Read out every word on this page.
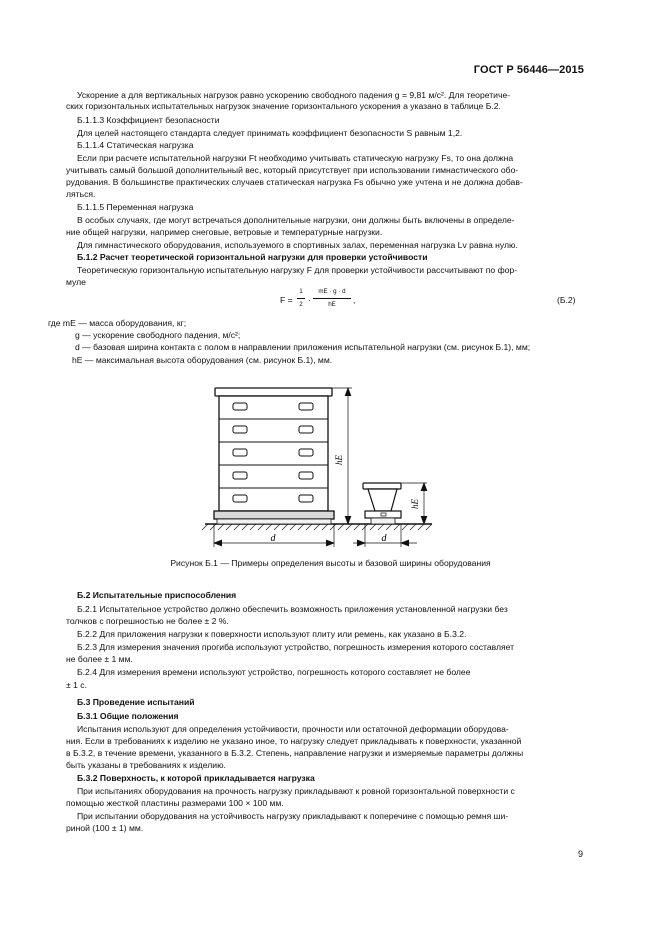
ГОСТ Р 56446—2015
Ускорение a для вертикальных нагрузок равно ускорению свободного падения g = 9,81 м/с². Для теоретиче-
ских горизонтальных испытательных нагрузок значение горизонтального ускорения a указано в таблице Б.2.
Б.1.1.3 Коэффициент безопасности
Для целей настоящего стандарта следует принимать коэффициент безопасности S равным 1,2.
Б.1.1.4 Статическая нагрузка
Если при расчете испытательной нагрузки Ft необходимо учитывать статическую нагрузку Fs, то она должна
учитывать самый большой дополнительный вес, который присутствует при использовании гимнастического обо-
рудования. В большинстве практических случаев статическая нагрузка Fs обычно уже учтена и не должна добав-
ляться.
Б.1.1.5 Переменная нагрузка
В особых случаях, где могут встречаться дополнительные нагрузки, они должны быть включены в определе-
ние общей нагрузки, например снеговые, ветровые и температурные нагрузки.
Для гимнастического оборудования, используемого в спортивных залах, переменная нагрузка Lv равна нулю.
Б.1.2 Расчет теоретической горизонтальной нагрузки для проверки устойчивости
Теоретическую горизонтальную испытательную нагрузку F для проверки устойчивости рассчитывают по фор-
муле
F =
1
2 ·
mE · g · d
hE	,	(Б.2)
где mE — масса оборудования, кг;
g — ускорение свободного падения, м/с²;
d — базовая ширина контакта с полом в направлении приложения испытательной нагрузки (см. рисунок Б.1), мм;
hE — максимальная высота оборудования (см. рисунок Б.1), мм.
d	d
hE
hE
Рисунок Б.1 — Примеры определения высоты и базовой ширины оборудования
Б.2 Испытательные приспособления
Б.2.1 Испытательное устройство должно обеспечить возможность приложения установленной нагрузки без
толчков с погрешностью не более ± 2 %.
Б.2.2 Для приложения нагрузки к поверхности используют плиту или ремень, как указано в Б.3.2.
Б.2.3 Для измерения значения прогиба используют устройство, погрешность измерения которого составляет
не более ± 1 мм.
Б.2.4 Для измерения времени используют устройство, погрешность которого составляет не более
± 1 с.
Б.3 Проведение испытаний
Б.3.1 Общие положения
Испытания используют для определения устойчивости, прочности или остаточной деформации оборудова-
ния. Если в требованиях к изделию не указано иное, то нагрузку следует прикладывать к поверхности, указанной
в Б.3.2, в течение времени, указанного в Б.3.2. Степень, направление нагрузки и измеряемые параметры должны
быть указаны в требованиях к изделию.
Б.3.2 Поверхность, к которой прикладывается нагрузка
При испытаниях оборудования на прочность нагрузку прикладывают к ровной горизонтальной поверхности с
помощью жесткой пластины размерами 100 × 100 мм.
При испытании оборудования на устойчивость нагрузку прикладывают к поперечине с помощью ремня ши-
риной (100 ± 1) мм.
9
